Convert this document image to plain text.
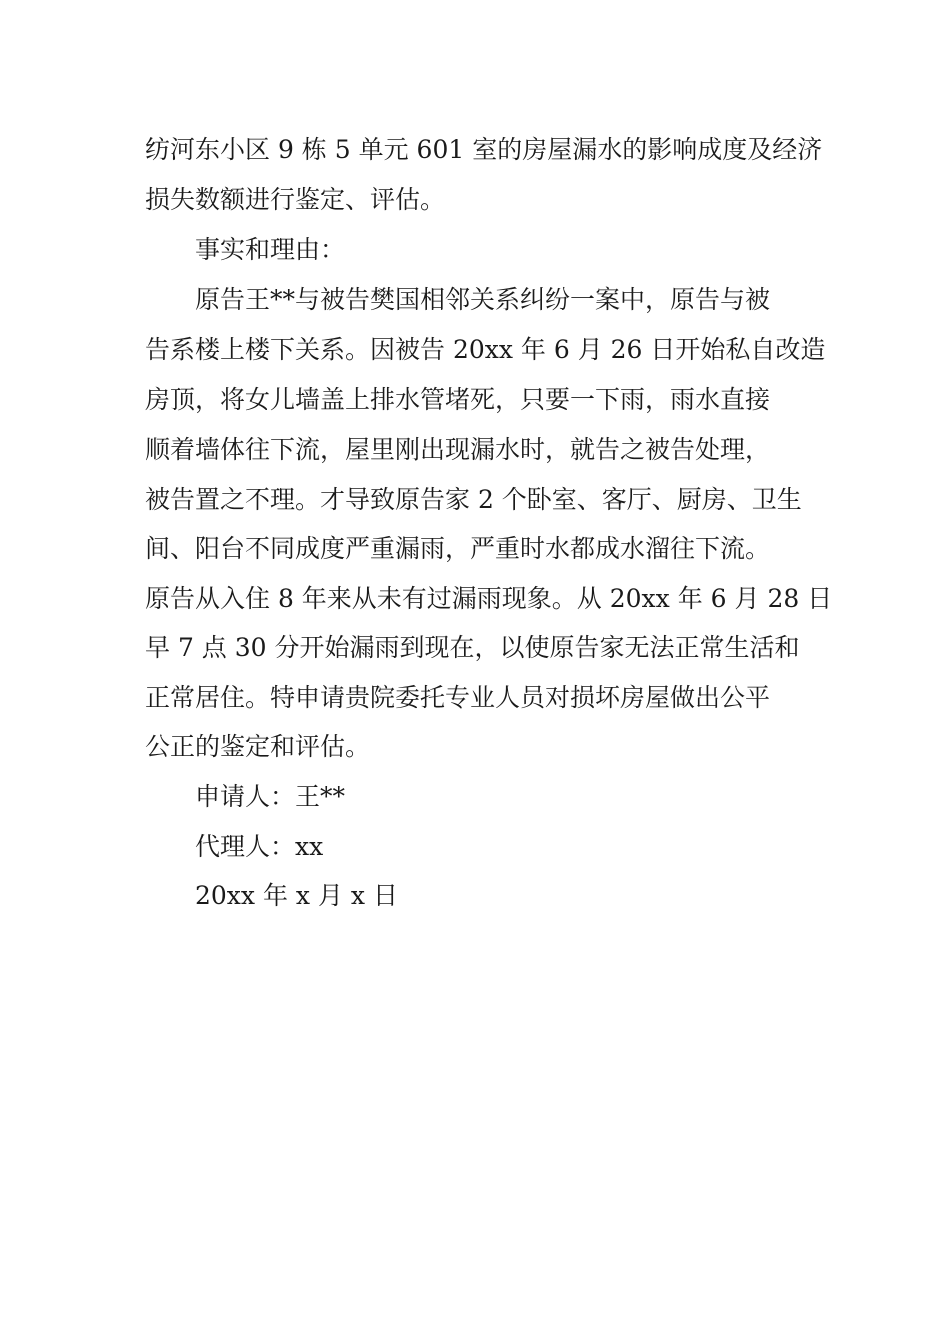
纺河东小区 9 栋 5 单元 601 室的房屋漏水的影响成度及经济
损失数额进行鉴定、评估。
事实和理由：
原告王**与被告樊国相邻关系纠纷一案中，原告与被
告系楼上楼下关系。因被告 20xx 年 6 月 26 日开始私自改造
房顶，将女儿墙盖上排水管堵死，只要一下雨，雨水直接
顺着墙体往下流，屋里刚出现漏水时，就告之被告处理，
被告置之不理。才导致原告家 2 个卧室、客厅、厨房、卫生
间、阳台不同成度严重漏雨，严重时水都成水溜往下流。
原告从入住 8 年来从未有过漏雨现象。从 20xx 年 6 月 28 日
早 7 点 30 分开始漏雨到现在，以使原告家无法正常生活和
正常居住。特申请贵院委托专业人员对损坏房屋做出公平
公正的鉴定和评估。
申请人：王**
代理人：xx
20xx 年 x 月 x 日
